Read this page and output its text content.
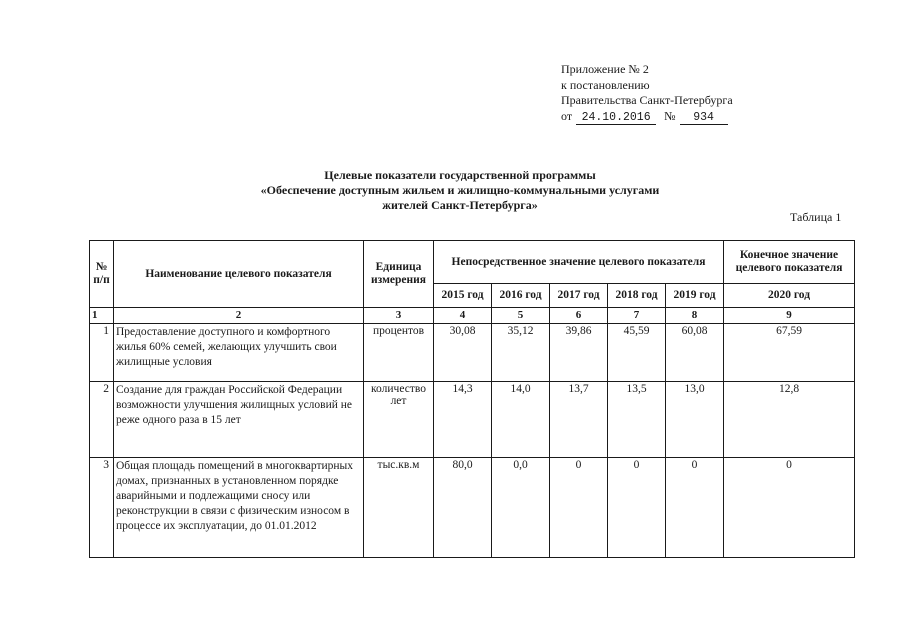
Приложение № 2
к постановлению
Правительства Санкт-Петербурга
от 24.10.2016 № 934
Целевые показатели государственной программы
«Обеспечение доступным жильем и жилищно-коммунальными услугами
жителей Санкт-Петербурга»
Таблица 1
№ п/п	Наименование целевого показателя	Единица измерения	Непосредственное значение целевого показателя					Конечное значение целевого показателя
			2015 год	2016 год	2017 год	2018 год	2019 год	2020 год
1	2	3	4	5	6	7	8	9
1	Предоставление доступного и комфортного жилья 60% семей, желающих улучшить свои жилищные условия	процентов	30,08	35,12	39,86	45,59	60,08	67,59
2	Создание для граждан Российской Федерации возможности улучшения жилищных условий не реже одного раза в 15 лет	количество лет	14,3	14,0	13,7	13,5	13,0	12,8
3	Общая площадь помещений в многоквартирных домах, признанных в установленном порядке аварийными и подлежащими сносу или реконструкции в связи с физическим износом в процессе их эксплуатации, до 01.01.2012	тыс.кв.м	80,0	0,0	0	0	0	0
